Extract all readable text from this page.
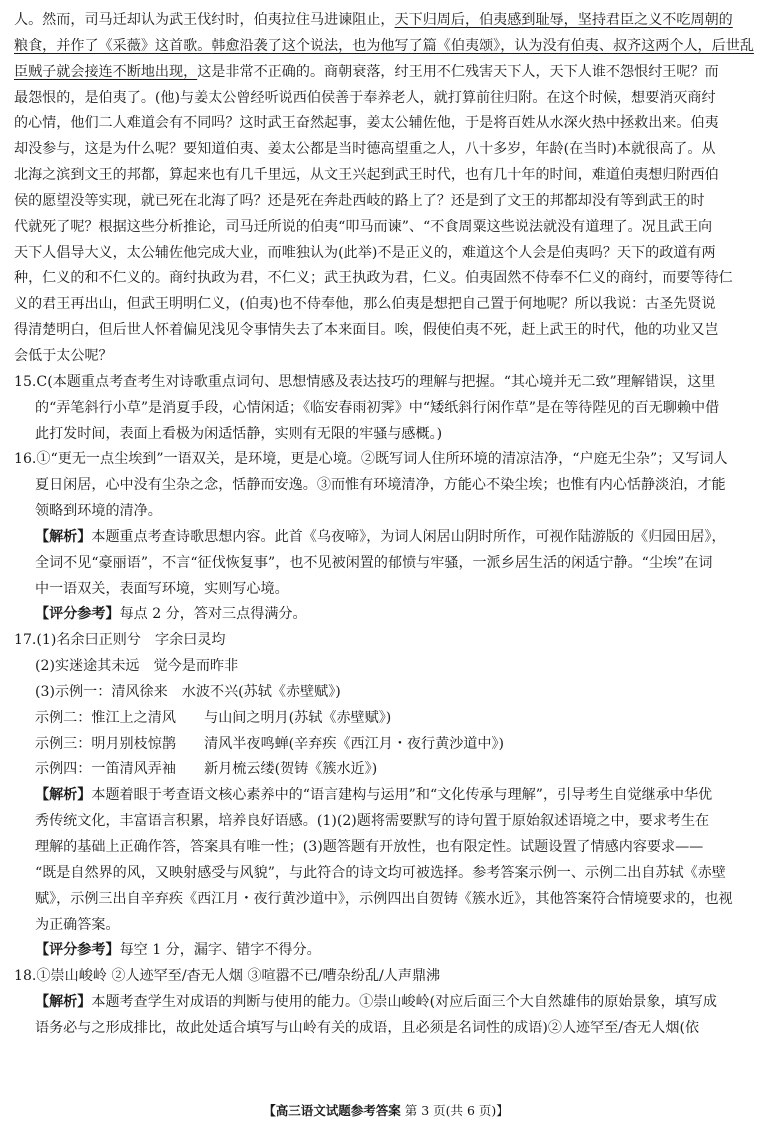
人。然而，司马迁却认为武王伐纣时，伯夷拉住马进谏阻止，天下归周后，伯夷感到耻辱，坚持君臣之义不吃周朝的

粮食，并作了《采薇》这首歌。韩愈沿袭了这个说法，也为他写了篇《伯夷颂》，认为没有伯夷、叔齐这两个人，后世乱

臣贼子就会接连不断地出现，这是非常不正确的。商朝衰落，纣王用不仁残害天下人，天下人谁不怨恨纣王呢？而

最怨恨的，是伯夷了。(他)与姜太公曾经听说西伯侯善于奉养老人，就打算前往归附。在这个时候，想要消灭商纣

的心情，他们二人难道会有不同吗？这时武王奋然起事，姜太公辅佐他，于是将百姓从水深火热中拯救出来。伯夷

却没参与，这是为什么呢？要知道伯夷、姜太公都是当时德高望重之人，八十多岁，年龄(在当时)本就很高了。从

北海之滨到文王的邦都，算起来也有几千里远，从文王兴起到武王时代，也有几十年的时间，难道伯夷想归附西伯

侯的愿望没等实现，就已死在北海了吗？还是死在奔赴西岐的路上了？还是到了文王的邦都却没有等到武王的时

代就死了呢？根据这些分析推论，司马迁所说的伯夷“叩马而谏”、“不食周粟这些说法就没有道理了。况且武王向

天下人倡导大义，太公辅佐他完成大业，而唯独认为(此举)不是正义的，难道这个人会是伯夷吗？天下的政道有两

种，仁义的和不仁义的。商纣执政为君，不仁义；武王执政为君，仁义。伯夷固然不侍奉不仁义的商纣，而要等待仁

义的君王再出山，但武王明明仁义，(伯夷)也不侍奉他，那么伯夷是想把自己置于何地呢？所以我说：古圣先贤说

得清楚明白，但后世人怀着偏见浅见令事情失去了本来面目。唉，假使伯夷不死，赶上武王的时代，他的功业又岂

会低于太公呢？

15.C(本题重点考查考生对诗歌重点词句、思想情感及表达技巧的理解与把握。“其心境并无二致”理解错误，这里

的“弄笔斜行小草”是消夏手段，心情闲适；《临安春雨初霁》中“矮纸斜行闲作草”是在等待陛见的百无聊赖中借

此打发时间，表面上看极为闲适恬静，实则有无限的牢骚与感概。)

16.①“更无一点尘埃到”一语双关，是环境，更是心境。②既写词人住所环境的清凉洁净，“户庭无尘杂”；又写词人

夏日闲居，心中没有尘杂之念，恬静而安逸。③而惟有环境清净，方能心不染尘埃；也惟有内心恬静淡泊，才能

领略到环境的清净。

【解析】本题重点考查诗歌思想内容。此首《乌夜啼》，为词人闲居山阴时所作，可视作陆游版的《归园田居》，

全词不见“豪丽语”，不言“征伐恢复事”，也不见被闲置的郁愤与牢骚，一派乡居生活的闲适宁静。“尘埃”在词

中一语双关，表面写环境，实则写心境。

【评分参考】每点 2 分，答对三点得满分。

17.(1)名余曰正则兮　字余曰灵均

(2)实迷途其未远　觉今是而昨非

(3)示例一：清风徐来　水波不兴(苏轼《赤壁赋》)

示例二：惟江上之清风　　与山间之明月(苏轼《赤壁赋》)

示例三：明月别枝惊鹊　　清风半夜鸣蝉(辛弃疾《西江月・夜行黄沙道中》)

示例四：一笛清风弄袖　　新月梳云缕(贺铸《簇水近》)

【解析】本题着眼于考查语文核心素养中的“语言建构与运用”和“文化传承与理解”，引导考生自觉继承中华优

秀传统文化，丰富语言积累，培养良好语感。(1)(2)题将需要默写的诗句置于原始叙述语境之中，要求考生在

理解的基础上正确作答，答案具有唯一性；(3)题答题有开放性，也有限定性。试题设置了情感内容要求——

“既是自然界的风，又映射感受与风貌”，与此符合的诗文均可被选择。参考答案示例一、示例二出自苏轼《赤壁

赋》，示例三出自辛弃疾《西江月・夜行黄沙道中》，示例四出自贺铸《簇水近》，其他答案符合情境要求的，也视

为正确答案。

【评分参考】每空 1 分，漏字、错字不得分。

18.①崇山峻岭 ②人迹罕至/杳无人烟 ③喧嚣不已/嘈杂纷乱/人声鼎沸

【解析】本题考查学生对成语的判断与使用的能力。①崇山峻岭(对应后面三个大自然雄伟的原始景象，填写成

语务必与之形成排比，故此处适合填写与山岭有关的成语，且必须是名词性的成语)②人迹罕至/杳无人烟(依

【高三语文试题参考答案 第 3 页(共 6 页)】
